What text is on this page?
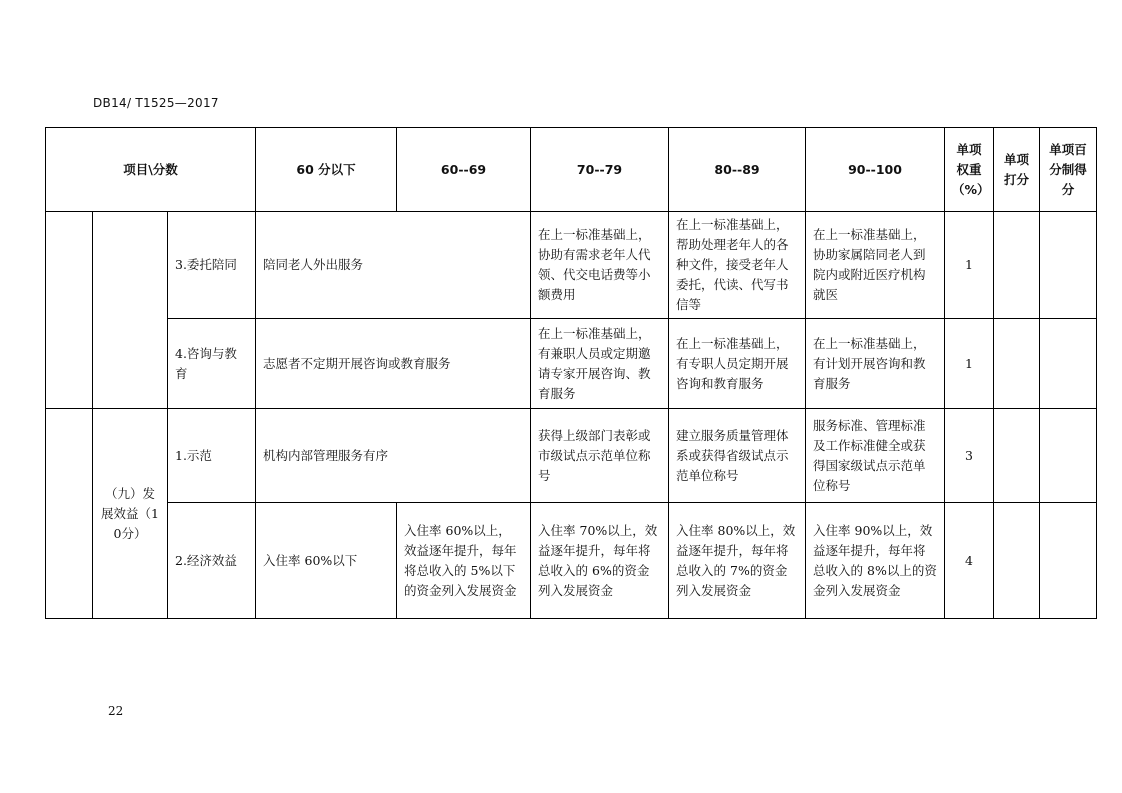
DB14/ T1525—2017
项目\分数			60 分以下	60--69	70--79	80--89	90--100	单项权重（%）	单项打分	单项百分制得分
		3.委托陪同	陪同老人外出服务		在上一标准基础上，协助有需求老年人代领、代交电话费等小额费用	在上一标准基础上，帮助处理老年人的各种文件，接受老年人委托，代读、代写书信等	在上一标准基础上，协助家属陪同老人到院内或附近医疗机构就医	1		
		4.咨询与教育	志愿者不定期开展咨询或教育服务		在上一标准基础上，有兼职人员或定期邀请专家开展咨询、教育服务	在上一标准基础上，有专职人员定期开展咨询和教育服务	在上一标准基础上，有计划开展咨询和教育服务	1		
	（九）发展效益（10分）	1.示范	机构内部管理服务有序		获得上级部门表彰或市级试点示范单位称号	建立服务质量管理体系或获得省级试点示范单位称号	服务标准、管理标准及工作标准健全或获得国家级试点示范单位称号	3		
		2.经济效益	入住率 60%以下	入住率 60%以上，效益逐年提升，每年将总收入的 5%以下的资金列入发展资金	入住率 70%以上，效益逐年提升，每年将总收入的 6%的资金列入发展资金	入住率 80%以上，效益逐年提升，每年将总收入的 7%的资金列入发展资金	入住率 90%以上，效益逐年提升，每年将总收入的 8%以上的资金列入发展资金	4		
22
